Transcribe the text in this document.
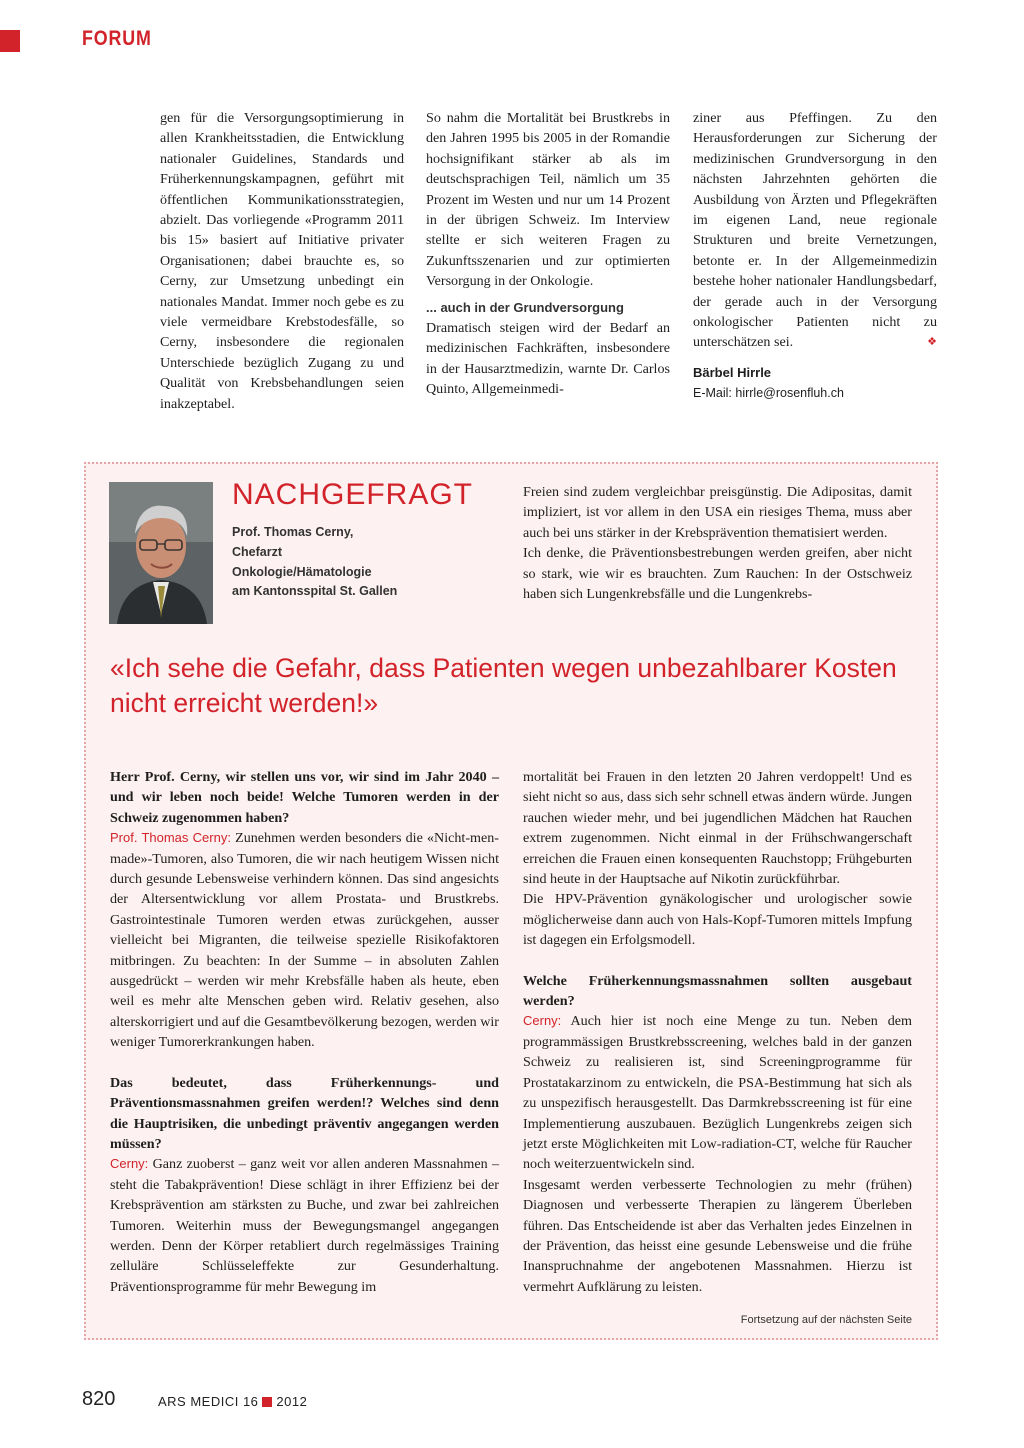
FORUM

gen für die Versorgungsoptimierung in allen Krankheitsstadien, die Entwicklung nationaler Guidelines, Standards und Früherkennungskampagnen, geführt mit öffentlichen Kommunikationsstrategien, abzielt. Das vorliegende «Programm 2011 bis 15» basiert auf Initiative privater Organisationen; dabei brauchte es, so Cerny, zur Umsetzung unbedingt ein nationales Mandat. Immer noch gebe es zu viele vermeidbare Krebstodesfälle, so Cerny, insbesondere die regionalen Unterschiede bezüglich Zugang zu und Qualität von Krebsbehandlungen seien inakzeptabel.

So nahm die Mortalität bei Brustkrebs in den Jahren 1995 bis 2005 in der Romandie hochsignifikant stärker ab als im deutschsprachigen Teil, nämlich um 35 Prozent im Westen und nur um 14 Prozent in der übrigen Schweiz. Im Interview stellte er sich weiteren Fragen zu Zukunftsszenarien und zur optimierten Versorgung in der Onkologie.

... auch in der Grundversorgung

Dramatisch steigen wird der Bedarf an medizinischen Fachkräften, insbesondere in der Hausarztmedizin, warnte Dr. Carlos Quinto, Allgemeinmedi-

ziner aus Pfeffingen. Zu den Herausforderungen zur Sicherung der medizinischen Grundversorgung in den nächsten Jahrzehnten gehörten die Ausbildung von Ärzten und Pflegekräften im eigenen Land, neue regionale Strukturen und breite Vernetzungen, betonte er. In der Allgemeinmedizin bestehe hoher nationaler Handlungsbedarf, der gerade auch in der Versorgung onkologischer Patienten nicht zu unterschätzen sei.	❖

Bärbel Hirrle
E-Mail: hirrle@rosenfluh.ch
NACHGEFRAGT
Prof. Thomas Cerny,
Chefarzt
Onkologie/Hämatologie
am Kantonsspital St. Gallen

Freien sind zudem vergleichbar preisgünstig. Die Adipositas, damit impliziert, ist vor allem in den USA ein riesiges Thema, muss aber auch bei uns stärker in der Krebsprävention thematisiert werden.

Ich denke, die Präventionsbestrebungen werden greifen, aber nicht so stark, wie wir es brauchten. Zum Rauchen: In der Ostschweiz haben sich Lungenkrebsfälle und die Lungenkrebs-

«Ich sehe die Gefahr, dass Patienten wegen unbezahlbarer Kosten nicht erreicht werden!»

Herr Prof. Cerny, wir stellen uns vor, wir sind im Jahr 2040 – und wir leben noch beide! Welche Tumoren werden in der Schweiz zugenommen haben?

Prof. Thomas Cerny: Zunehmen werden besonders die «Nicht-men-made»-Tumoren, also Tumoren, die wir nach heutigem Wissen nicht durch gesunde Lebensweise verhindern können. Das sind angesichts der Altersentwicklung vor allem Prostata- und Brustkrebs. Gastrointestinale Tumoren werden etwas zurückgehen, ausser vielleicht bei Migranten, die teilweise spezielle Risikofaktoren mitbringen. Zu beachten: In der Summe – in absoluten Zahlen ausgedrückt – werden wir mehr Krebsfälle haben als heute, eben weil es mehr alte Menschen geben wird. Relativ gesehen, also alterskorrigiert und auf die Gesamtbevölkerung bezogen, werden wir weniger Tumorerkrankungen haben.

Das bedeutet, dass Früherkennungs- und Präventionsmassnahmen greifen werden!? Welches sind denn die Hauptrisiken, die unbedingt präventiv angegangen werden müssen?

Cerny: Ganz zuoberst – ganz weit vor allen anderen Massnahmen – steht die Tabakprävention! Diese schlägt in ihrer Effizienz bei der Krebsprävention am stärksten zu Buche, und zwar bei zahlreichen Tumoren. Weiterhin muss der Bewegungsmangel angegangen werden. Denn der Körper retabliert durch regelmässiges Training zelluläre Schlüsseleffekte zur Gesunderhaltung. Präventionsprogramme für mehr Bewegung im

mortalität bei Frauen in den letzten 20 Jahren verdoppelt! Und es sieht nicht so aus, dass sich sehr schnell etwas ändern würde. Jungen rauchen wieder mehr, und bei jugendlichen Mädchen hat Rauchen extrem zugenommen. Nicht einmal in der Frühschwangerschaft erreichen die Frauen einen konsequenten Rauchstopp; Frühgeburten sind heute in der Hauptsache auf Nikotin zurückführbar.

Die HPV-Prävention gynäkologischer und urologischer sowie möglicherweise dann auch von Hals-Kopf-Tumoren mittels Impfung ist dagegen ein Erfolgsmodell.

Welche Früherkennungsmassnahmen sollten ausgebaut werden?

Cerny: Auch hier ist noch eine Menge zu tun. Neben dem programmässigen Brustkrebsscreening, welches bald in der ganzen Schweiz zu realisieren ist, sind Screeningprogramme für Prostatakarzinom zu entwickeln, die PSA-Bestimmung hat sich als zu unspezifisch herausgestellt. Das Darmkrebsscreening ist für eine Implementierung auszubauen. Bezüglich Lungenkrebs zeigen sich jetzt erste Möglichkeiten mit Low-radiation-CT, welche für Raucher noch weiterzuentwickeln sind.

Insgesamt werden verbesserte Technologien zu mehr (frühen) Diagnosen und verbesserte Therapien zu längerem Überleben führen. Das Entscheidende ist aber das Verhalten jedes Einzelnen in der Prävention, das heisst eine gesunde Lebensweise und die frühe Inanspruchnahme der angebotenen Massnahmen. Hierzu ist vermehrt Aufklärung zu leisten.

Fortsetzung auf der nächsten Seite
820	ARS MEDICI 16 2012
